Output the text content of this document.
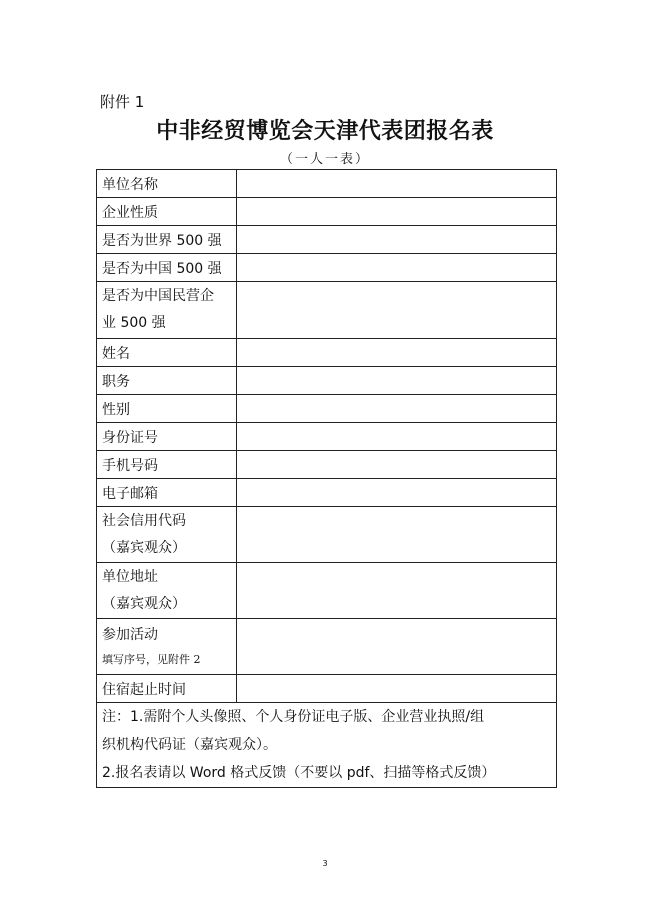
附件 1
中非经贸博览会天津代表团报名表
（一人一表）
单位名称	
企业性质	
是否为世界 500 强	
是否为中国 500 强	

是否为中国民营企
业 500 强	

姓名	
职务	
性别	
身份证号	
手机号码	
电子邮箱	

社会信用代码
（嘉宾观众）	

单位地址
（嘉宾观众）	

参加活动
填写序号，见附件 2	

住宿起止时间	

注：1.需附个人头像照、个人身份证电子版、企业营业执照/组
织机构代码证（嘉宾观众）。
2.报名表请以 Word 格式反馈（不要以 pdf、扫描等格式反馈）	
3
